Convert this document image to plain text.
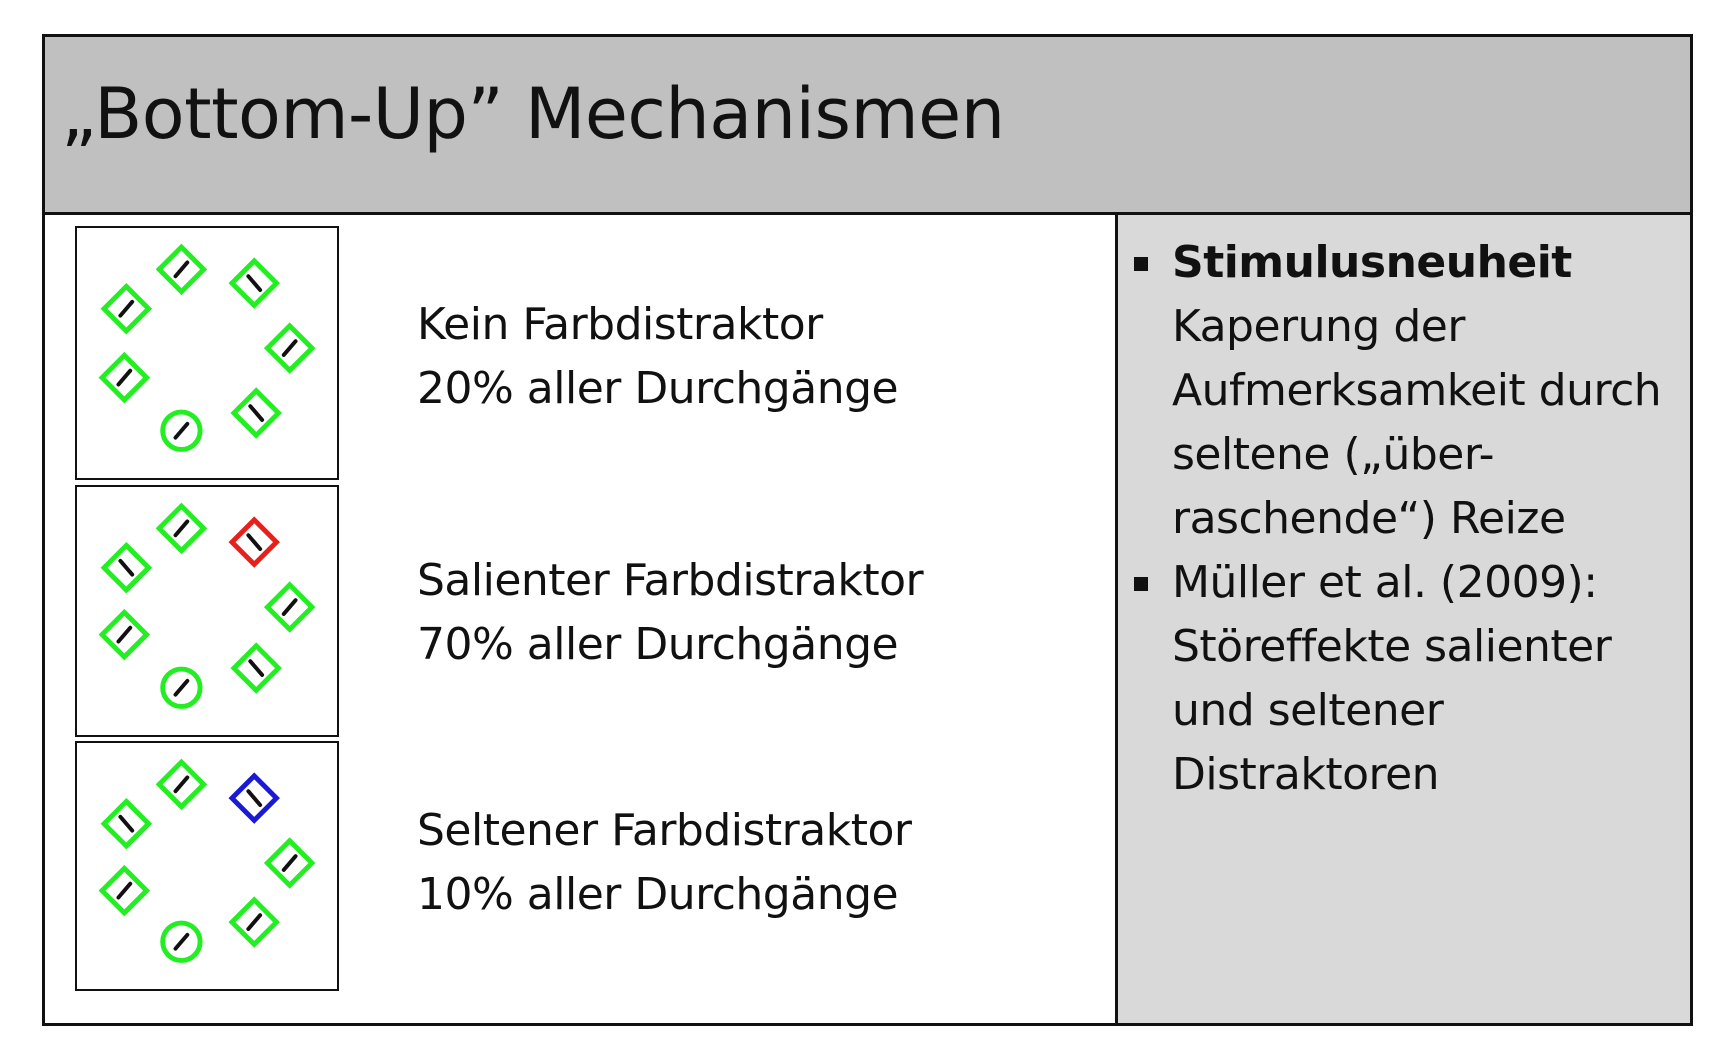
„Bottom-Up” Mechanismen
Kein Farbdistraktor
20% aller Durchgänge
Salienter Farbdistraktor
70% aller Durchgänge
Seltener Farbdistraktor
10% aller Durchgänge
Stimulusneuheit
Kaperung der
Aufmerksamkeit durch
seltene („über-
raschende“) Reize
Müller et al. (2009):
Störeffekte salienter
und seltener
Distraktoren
